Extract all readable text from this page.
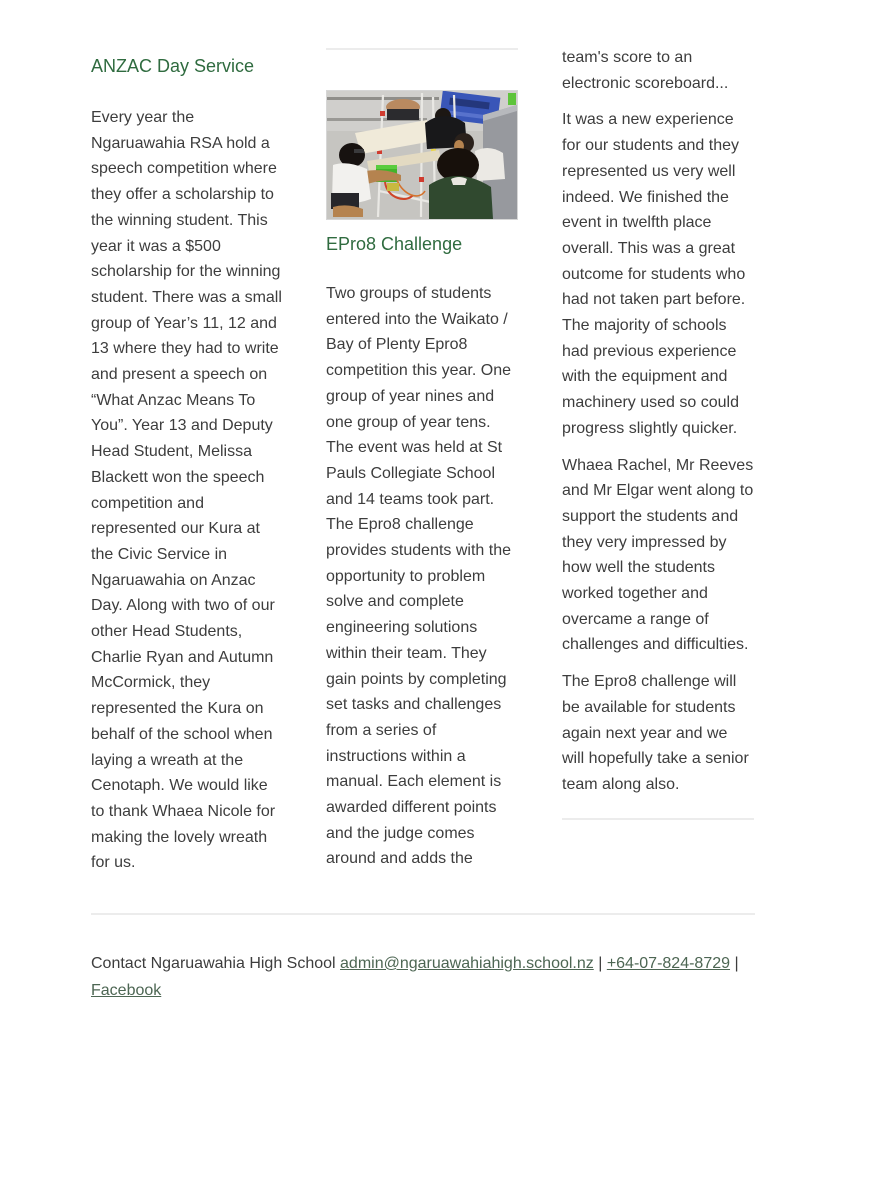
ANZAC Day Service

Every year the Ngaruawahia RSA hold a speech competition where they offer a scholarship to the winning student. This year it was a $500 scholarship for the winning student. There was a small group of Year’s 11, 12 and 13 where they had to write and present a speech on “What Anzac Means To You”. Year 13 and Deputy Head Student, Melissa Blackett won the speech competition and represented our Kura at the Civic Service in Ngaruawahia on Anzac Day. Along with two of our other Head Students, Charlie Ryan and Autumn McCormick, they represented the Kura on behalf of the school when laying a wreath at the Cenotaph. We would like to thank Whaea Nicole for making the lovely wreath for us.

EPro8 Challenge

Two groups of students entered into the Waikato / Bay of Plenty Epro8 competition this year. One group of year nines and one group of year tens. The event was held at St Pauls Collegiate School and 14 teams took part. The Epro8 challenge provides students with the opportunity to problem solve and complete engineering solutions within their team. They gain points by completing set tasks and challenges from a series of instructions within a manual. Each element is awarded different points and the judge comes around and adds the

team's score to an electronic scoreboard...

It was a new experience for our students and they represented us very well indeed. We finished the event in twelfth place overall. This was a great outcome for students who had not taken part before. The majority of schools had previous experience with the equipment and machinery used so could progress slightly quicker.

Whaea Rachel, Mr Reeves and Mr Elgar went along to support the students and they very impressed by how well the students worked together and overcame a range of challenges and difficulties.

The Epro8 challenge will be available for students again next year and we will hopefully take a senior team along also.

Contact Ngaruawahia High School admin@ngaruawahiahigh.school.nz | +64-07-824-8729 | Facebook
